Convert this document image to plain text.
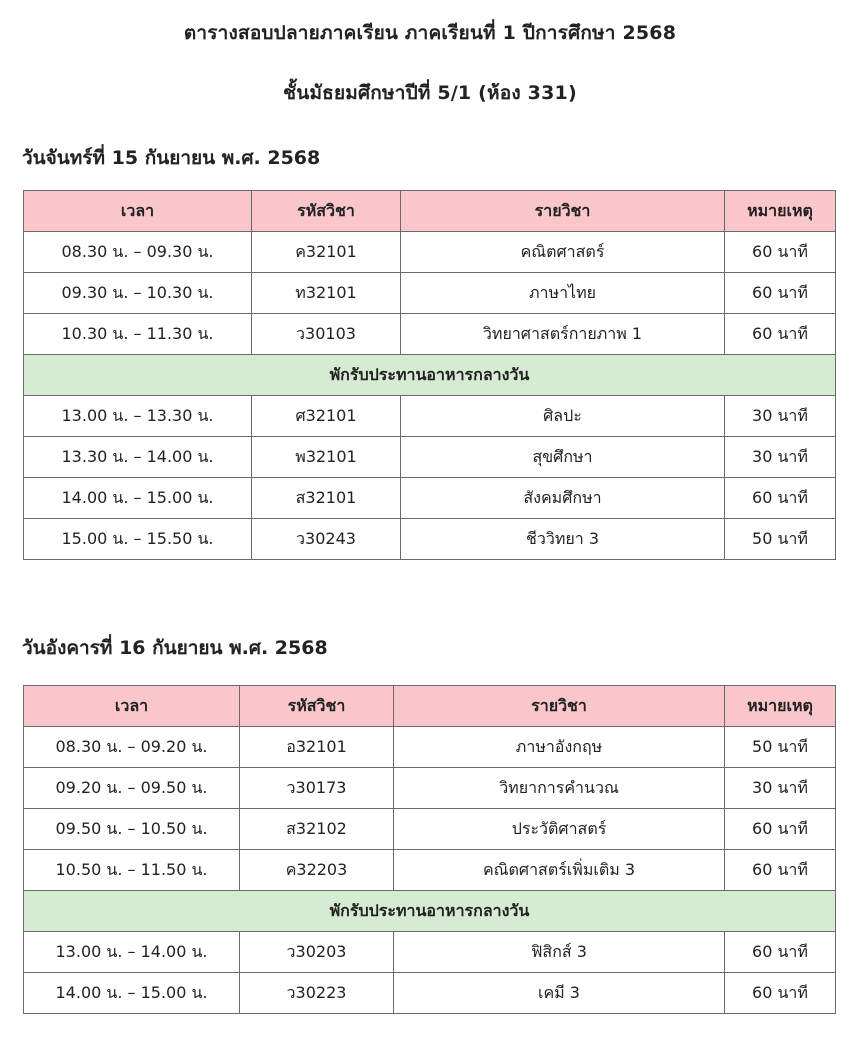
ตารางสอบปลายภาคเรียน ภาคเรียนที่ 1 ปีการศึกษา 2568
ชั้นมัธยมศึกษาปีที่ 5/1 (ห้อง 331)
วันจันทร์ที่ 15 กันยายน พ.ศ. 2568
เวลา	รหัสวิชา	รายวิชา	หมายเหตุ
08.30 น. – 09.30 น.	ค32101	คณิตศาสตร์	60 นาที
09.30 น. – 10.30 น.	ท32101	ภาษาไทย	60 นาที
10.30 น. – 11.30 น.	ว30103	วิทยาศาสตร์กายภาพ 1	60 นาที
พักรับประทานอาหารกลางวัน			
13.00 น. – 13.30 น.	ศ32101	ศิลปะ	30 นาที
13.30 น. – 14.00 น.	พ32101	สุขศึกษา	30 นาที
14.00 น. – 15.00 น.	ส32101	สังคมศึกษา	60 นาที
15.00 น. – 15.50 น.	ว30243	ชีววิทยา 3	50 นาที
วันอังคารที่ 16 กันยายน พ.ศ. 2568
เวลา	รหัสวิชา	รายวิชา	หมายเหตุ
08.30 น. – 09.20 น.	อ32101	ภาษาอังกฤษ	50 นาที
09.20 น. – 09.50 น.	ว30173	วิทยาการคำนวณ	30 นาที
09.50 น. – 10.50 น.	ส32102	ประวัติศาสตร์	60 นาที
10.50 น. – 11.50 น.	ค32203	คณิตศาสตร์เพิ่มเติม 3	60 นาที
พักรับประทานอาหารกลางวัน			
13.00 น. – 14.00 น.	ว30203	ฟิสิกส์ 3	60 นาที
14.00 น. – 15.00 น.	ว30223	เคมี 3	60 นาที
